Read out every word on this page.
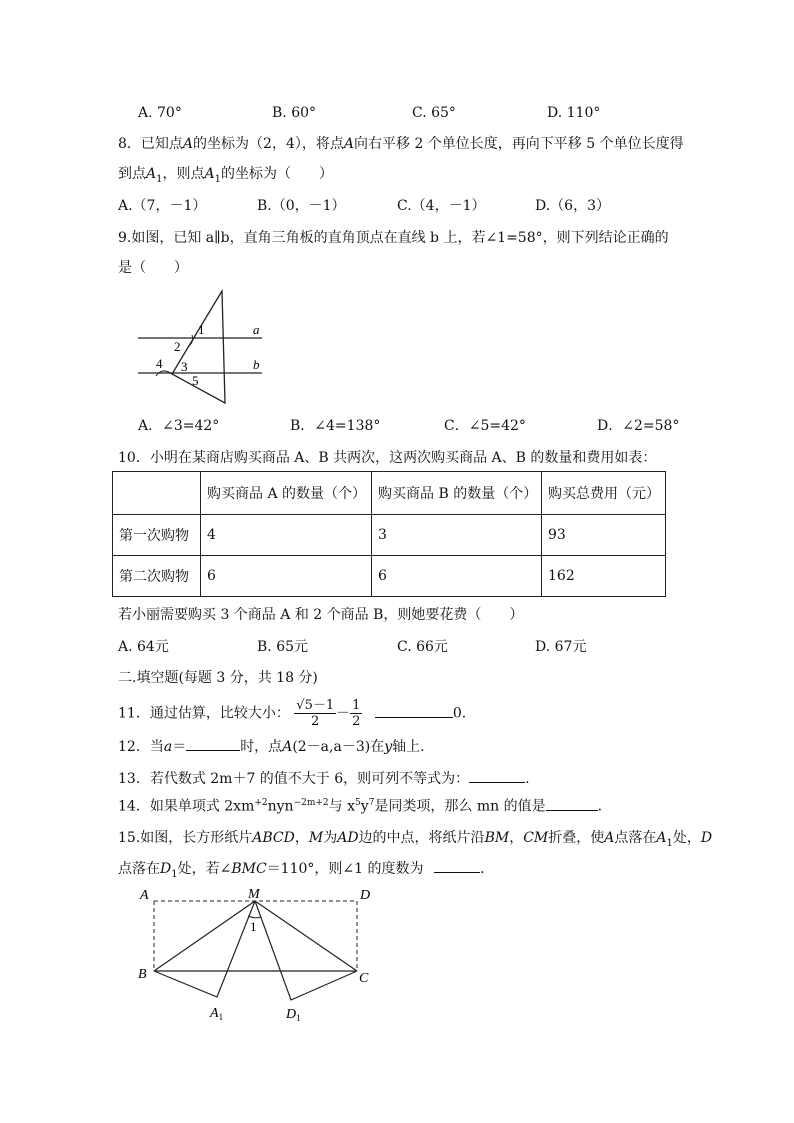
A. 70°	B. 60°	C. 65°	D. 110°
8．已知点A的坐标为（2，4），将点A向右平移 2 个单位长度，再向下平移 5 个单位长度得
到点$A_1$，则点$A_1$的坐标为（　　）
A.（7，－1）	B.（0，－1）	C.（4，－1）	D.（6，3）
9.如图，已知 a∥b，直角三角板的直角顶点在直线 b 上，若∠1=58°，则下列结论正确的
是（　　）
1
2
3
4
5
a
b
A．∠3=42°	B．∠4=138°	C．∠5=42°	D．∠2=58°
10．小明在某商店购买商品 A、B 共两次，这两次购买商品 A、B 的数量和费用如表：
	购买商品 A 的数量（个）	购买商品 B 的数量（个）	购买总费用（元）
第一次购物	4	3	93
第二次购物	6	6	162
若小丽需要购买 3 个商品 A 和 2 个商品 B，则她要花费（　　）
A. 64元	B. 65元	C. 66元	D. 67元
二.填空题(每题 3 分，共 18 分)
11．通过估算，比较大小： $\frac{√5-1}{2} - \frac{1}{2}$	0.
12．当a＝	时，点A(2－a,a－3)在y轴上.
13．若代数式 2m＋7 的值不大于 6，则可列不等式为：	.
14．如果单项式 $2xm^{+2}nyn^{-2m+2}$与 $x^5y^7$是同类项，那么 mn 的值是	.
15.如图，长方形纸片ABCD，M为AD边的中点，将纸片沿BM，CM折叠，使A点落在$A_1$处，D
点落在$D_1$处，若∠BMC＝110°，则∠1 的度数为	.
A	M	D
B	C
1
$A_1$	$D_1$
